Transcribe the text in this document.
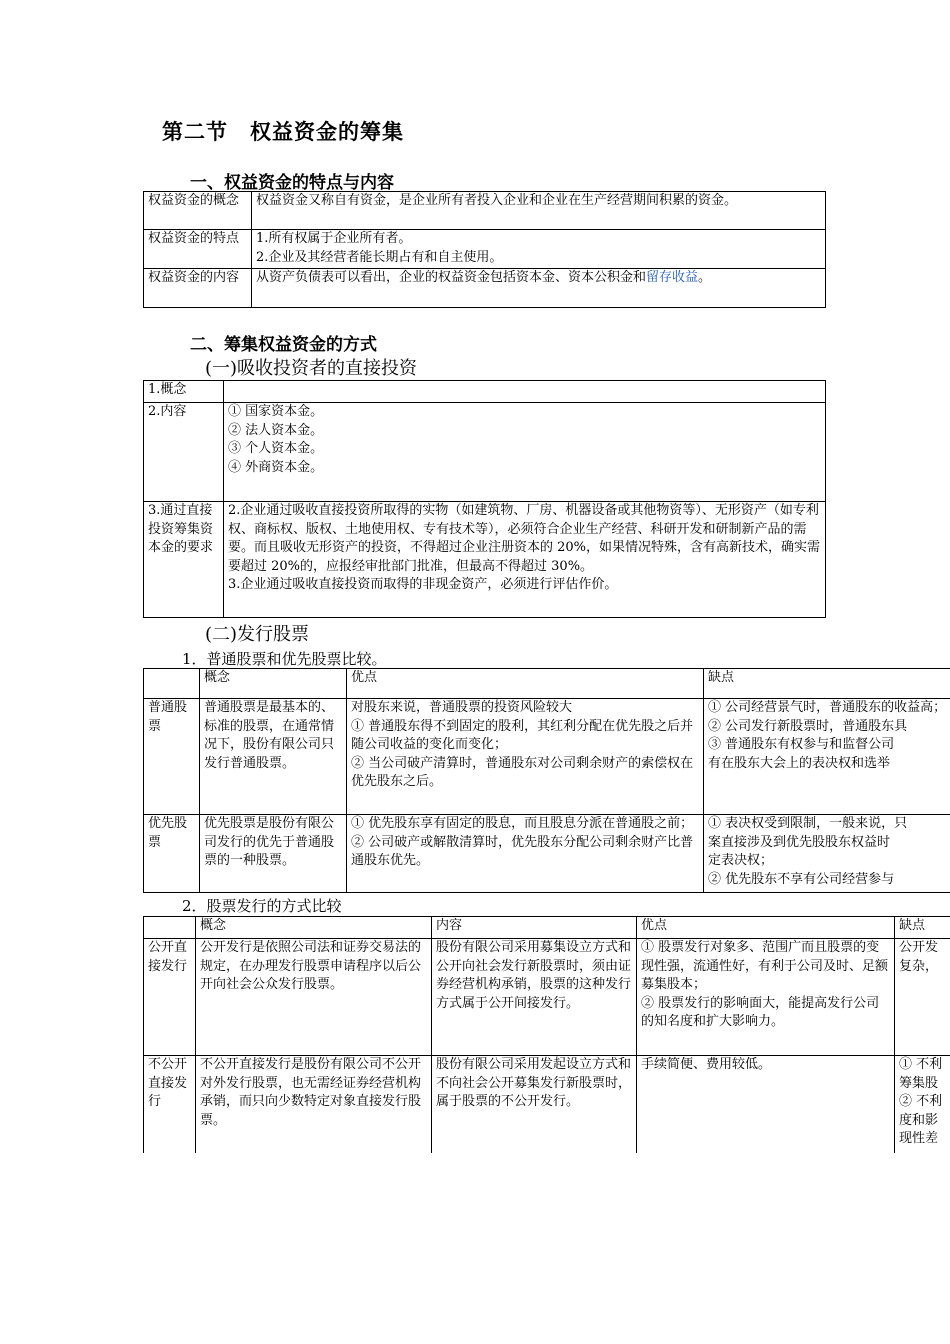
第二节　权益资金的筹集
一、权益资金的特点与内容
权益资金的概念	权益资金又称自有资金，是企业所有者投入企业和企业在生产经营期间积累的资金。
权益资金的特点	1.所有权属于企业所有者。
2.企业及其经营者能长期占有和自主使用。

权益资金的内容	从资产负债表可以看出，企业的权益资金包括资本金、资本公积金和留存收益。
二、筹集权益资金的方式
(一)吸收投资者的直接投资
1.概念	
2.内容	① 国家资本金。
② 法人资本金。
③ 个人资本金。
④ 外商资本金。

3.通过直接投资筹集资本金的要求	2.企业通过吸收直接投资所取得的实物（如建筑物、厂房、机器设备或其他物资等）、无形资产（如专利权、商标权、版权、土地使用权、专有技术等），必须符合企业生产经营、科研开发和研制新产品的需要。而且吸收无形资产的投资，不得超过企业注册资本的 20%，如果情况特殊，含有高新技术，确实需要超过 20%的，应报经审批部门批准，但最高不得超过 30%。
3.企业通过吸收直接投资而取得的非现金资产，必须进行评估作价。
(二)发行股票
1．普通股票和优先股票比较。
	概念	优点	缺点
普通股票	普通股票是最基本的、标准的股票，在通常情况下，股份有限公司只发行普通股票。	对股东来说，普通股票的投资风险较大
① 普通股东得不到固定的股利，其红利分配在优先股之后并随公司收益的变化而变化；
② 当公司破产清算时，普通股东对公司剩余财产的索偿权在优先股东之后。	① 公司经营景气时，普通股东的收益高；
② 公司发行新股票时，普通股东具
③ 普通股东有权参与和监督公司
有在股东大会上的表决权和选举

优先股票	优先股票是股份有限公司发行的优先于普通股票的一种股票。	① 优先股东享有固定的股息，而且股息分派在普通股之前；
② 公司破产或解散清算时，优先股东分配公司剩余财产比普通股东优先。	① 表决权受到限制，一般来说，只
案直接涉及到优先股股东权益时
定表决权；
② 优先股东不享有公司经营参与
2．股票发行的方式比较
	概念	内容	优点	缺点
公开直接发行	公开发行是依照公司法和证券交易法的规定，在办理发行股票申请程序以后公开向社会公众发行股票。	股份有限公司采用募集设立方式和公开向社会发行新股票时，须由证券经营机构承销，股票的这种发行方式属于公开间接发行。	① 股票发行对象多、范围广而且股票的变现性强，流通性好，有利于公司及时、足额募集股本；
② 股票发行的影响面大，能提高发行公司的知名度和扩大影响力。	公开发
复杂，

不公开直接发行	不公开直接发行是股份有限公司不公开对外发行股票，也无需经证券经营机构承销，而只向少数特定对象直接发行股票。	股份有限公司采用发起设立方式和不向社会公开募集发行新股票时，属于股票的不公开发行。	手续简便、费用较低。	① 不利
筹集股
② 不利
度和影
现性差
